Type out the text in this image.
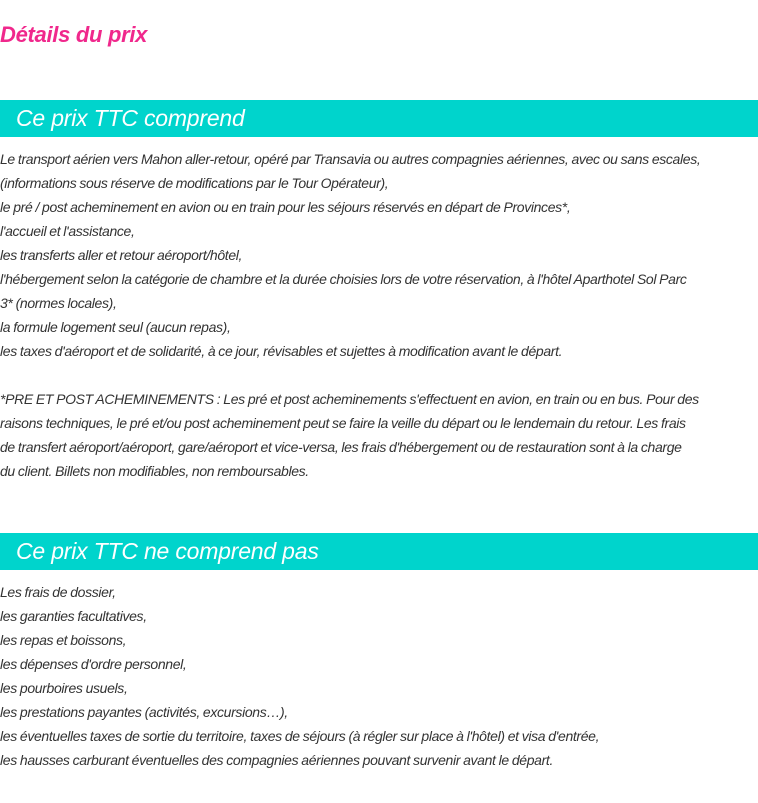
Détails du prix
Ce prix TTC comprend
Le transport aérien vers Mahon aller-retour, opéré par Transavia ou autres compagnies aériennes, avec ou sans escales,
(informations sous réserve de modifications par le Tour Opérateur),
le pré / post acheminement en avion ou en train pour les séjours réservés en départ de Provinces*,
l'accueil et l'assistance,
les transferts aller et retour aéroport/hôtel,
l'hébergement selon la catégorie de chambre et la durée choisies lors de votre réservation, à l'hôtel Aparthotel Sol Parc
3* (normes locales),
la formule logement seul (aucun repas),
les taxes d'aéroport et de solidarité, à ce jour, révisables et sujettes à modification avant le départ.
*PRE ET POST ACHEMINEMENTS : Les pré et post acheminements s'effectuent en avion, en train ou en bus. Pour des
raisons techniques, le pré et/ou post acheminement peut se faire la veille du départ ou le lendemain du retour. Les frais
de transfert aéroport/aéroport, gare/aéroport et vice-versa, les frais d'hébergement ou de restauration sont à la charge
du client. Billets non modifiables, non remboursables.
Ce prix TTC ne comprend pas
Les frais de dossier,
les garanties facultatives,
les repas et boissons,
les dépenses d'ordre personnel,
les pourboires usuels,
les prestations payantes (activités, excursions…),
les éventuelles taxes de sortie du territoire, taxes de séjours (à régler sur place à l'hôtel) et visa d'entrée,
les hausses carburant éventuelles des compagnies aériennes pouvant survenir avant le départ.
